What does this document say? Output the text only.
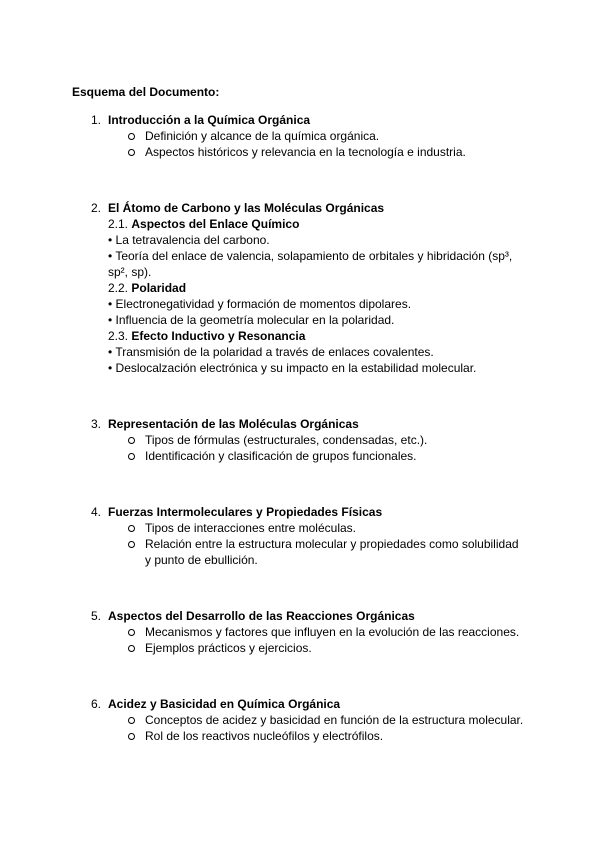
Esquema del Documento:
1. Introducción a la Química Orgánica
Definición y alcance de la química orgánica.
Aspectos históricos y relevancia en la tecnología e industria.
2. El Átomo de Carbono y las Moléculas Orgánicas
2.1. Aspectos del Enlace Químico
• La tetravalencia del carbono.
• Teoría del enlace de valencia, solapamiento de orbitales y hibridación (sp³,
sp², sp).
2.2. Polaridad
• Electronegatividad y formación de momentos dipolares.
• Influencia de la geometría molecular en la polaridad.
2.3. Efecto Inductivo y Resonancia
• Transmisión de la polaridad a través de enlaces covalentes.
• Deslocalzación electrónica y su impacto en la estabilidad molecular.
3. Representación de las Moléculas Orgánicas
Tipos de fórmulas (estructurales, condensadas, etc.).
Identificación y clasificación de grupos funcionales.
4. Fuerzas Intermoleculares y Propiedades Físicas
Tipos de interacciones entre moléculas.
Relación entre la estructura molecular y propiedades como solubilidad
y punto de ebullición.
5. Aspectos del Desarrollo de las Reacciones Orgánicas
Mecanismos y factores que influyen en la evolución de las reacciones.
Ejemplos prácticos y ejercicios.
6. Acidez y Basicidad en Química Orgánica
Conceptos de acidez y basicidad en función de la estructura molecular.
Rol de los reactivos nucleófilos y electrófilos.
